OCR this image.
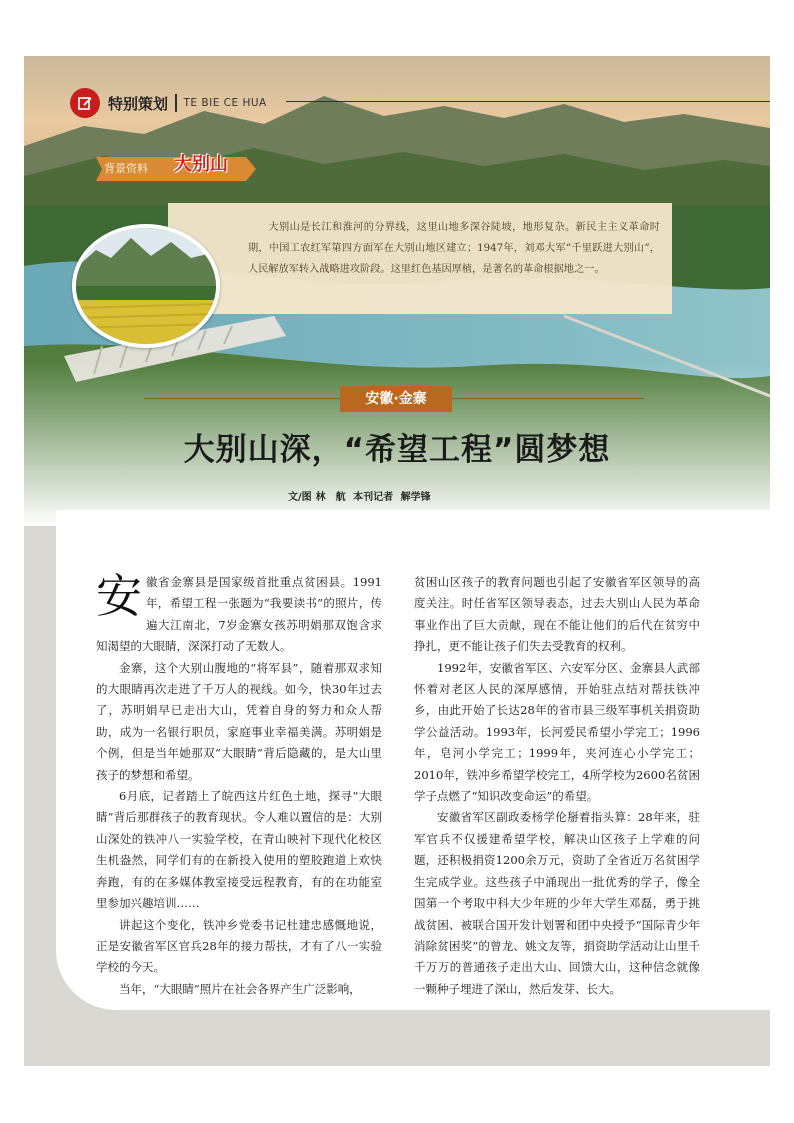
特别策划 TE BIE CE HUA
背景资料 大别山

大别山是长江和淮河的分界线，这里山地多深谷陡坡，地形复杂。新民主主义革命时期，中国工农红军第四方面军在大别山地区建立；1947年，刘邓大军“千里跃进大别山”，人民解放军转入战略进攻阶段。这里红色基因厚植，是著名的革命根据地之一。

安徽·金寨
大别山深，“希望工程”圆梦想
文/图 林　航 本刊记者 解学锋

安徽省金寨县是国家级首批重点贫困县。1991年，希望工程一张题为“我要读书”的照片，传遍大江南北，7岁金寨女孩苏明娟那双饱含求知渴望的大眼睛，深深打动了无数人。

金寨，这个大别山腹地的“将军县”，随着那双求知的大眼睛再次走进了千万人的视线。如今，快30年过去了，苏明娟早已走出大山，凭着自身的努力和众人帮助，成为一名银行职员，家庭事业幸福美满。苏明娟是个例，但是当年她那双“大眼睛”背后隐藏的，是大山里孩子的梦想和希望。

6月底，记者踏上了皖西这片红色土地，探寻“大眼睛”背后那群孩子的教育现状。令人难以置信的是：大别山深处的铁冲八一实验学校，在青山映衬下现代化校区生机盎然，同学们有的在新投入使用的塑胶跑道上欢快奔跑，有的在多媒体教室接受远程教育，有的在功能室里参加兴趣培训……

讲起这个变化，铁冲乡党委书记杜建忠感慨地说，正是安徽省军区官兵28年的接力帮扶，才有了八一实验学校的今天。

当年，“大眼睛”照片在社会各界产生广泛影响，

贫困山区孩子的教育问题也引起了安徽省军区领导的高度关注。时任省军区领导表态，过去大别山人民为革命事业作出了巨大贡献，现在不能让他们的后代在贫穷中挣扎，更不能让孩子们失去受教育的权利。

1992年，安徽省军区、六安军分区、金寨县人武部怀着对老区人民的深厚感情，开始驻点结对帮扶铁冲乡，由此开始了长达28年的省市县三级军事机关捐资助学公益活动。1993年，长河爱民希望小学完工；1996年，皂河小学完工；1999年，夹河连心小学完工；2010年，铁冲乡希望学校完工，4所学校为2600名贫困学子点燃了“知识改变命运”的希望。

安徽省军区副政委杨学伦掰着指头算：28年来，驻军官兵不仅援建希望学校，解决山区孩子上学难的问题，还积极捐资1200余万元，资助了全省近万名贫困学生完成学业。这些孩子中涌现出一批优秀的学子，像全国第一个考取中科大少年班的少年大学生邓磊，勇于挑战贫困、被联合国开发计划署和团中央授予“国际青少年消除贫困奖”的曾龙、姚文友等，捐资助学活动让山里千千万万的普通孩子走出大山、回馈大山，这种信念就像一颗种子埋进了深山，然后发芽、长大。
